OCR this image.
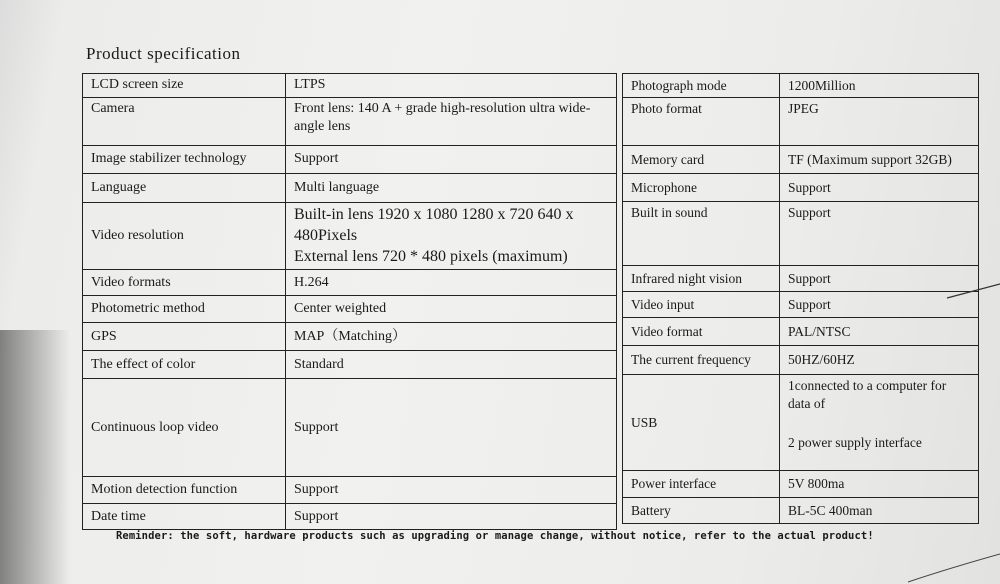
Product specification
LCD screen size	LTPS
Camera	Front lens: 140 A + grade high-resolution ultra wide-angle lens
Image stabilizer technology	Support
Language	Multi language
Video resolution	Built-in lens 1920 x 1080 1280 x 720 640 x 480Pixels
External lens 720 * 480 pixels (maximum)

Video formats	H.264
Photometric method	Center weighted
GPS	MAP（Matching）
The effect of color	Standard
Continuous loop video	Support
Motion detection function	Support
Date time	Support
Photograph mode	1200Million
Photo format	JPEG
Memory card	TF (Maximum support 32GB)
Microphone	Support
Built in sound	Support
Infrared night vision	Support
Video input	Support
Video format	PAL/NTSC
The current frequency	50HZ/60HZ
USB	1connected to a computer for data of
2 power supply interface

Power interface	5V 800ma
Battery	BL-5C 400man
Reminder: the soft, hardware products such as upgrading or manage change, without notice, refer to the actual product!
